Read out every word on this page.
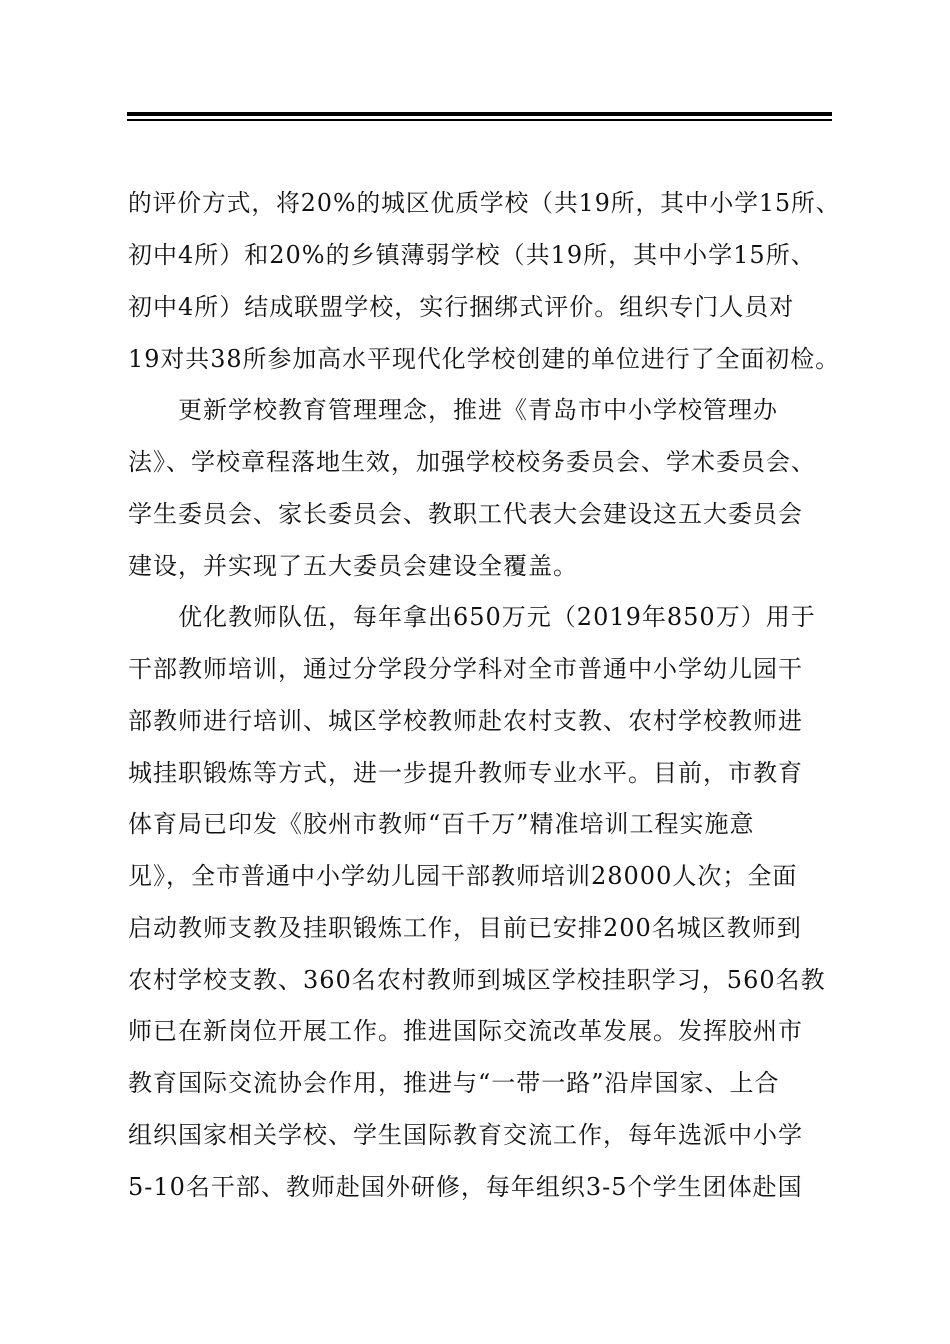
的评价方式，将20%的城区优质学校（共19所，其中小学15所、
初中4所）和20%的乡镇薄弱学校（共19所，其中小学15所、
初中4所）结成联盟学校，实行捆绑式评价。组织专门人员对
19对共38所参加高水平现代化学校创建的单位进行了全面初检。
更新学校教育管理理念，推进《青岛市中小学校管理办
法》、学校章程落地生效，加强学校校务委员会、学术委员会、
学生委员会、家长委员会、教职工代表大会建设这五大委员会
建设，并实现了五大委员会建设全覆盖。
优化教师队伍，每年拿出650万元（2019年850万）用于
干部教师培训，通过分学段分学科对全市普通中小学幼儿园干
部教师进行培训、城区学校教师赴农村支教、农村学校教师进
城挂职锻炼等方式，进一步提升教师专业水平。目前，市教育
体育局已印发《胶州市教师“百千万”精准培训工程实施意
见》，全市普通中小学幼儿园干部教师培训28000人次；全面
启动教师支教及挂职锻炼工作，目前已安排200名城区教师到
农村学校支教、360名农村教师到城区学校挂职学习，560名教
师已在新岗位开展工作。推进国际交流改革发展。发挥胶州市
教育国际交流协会作用，推进与“一带一路”沿岸国家、上合
组织国家相关学校、学生国际教育交流工作，每年选派中小学
5-10名干部、教师赴国外研修，每年组织3-5个学生团体赴国
